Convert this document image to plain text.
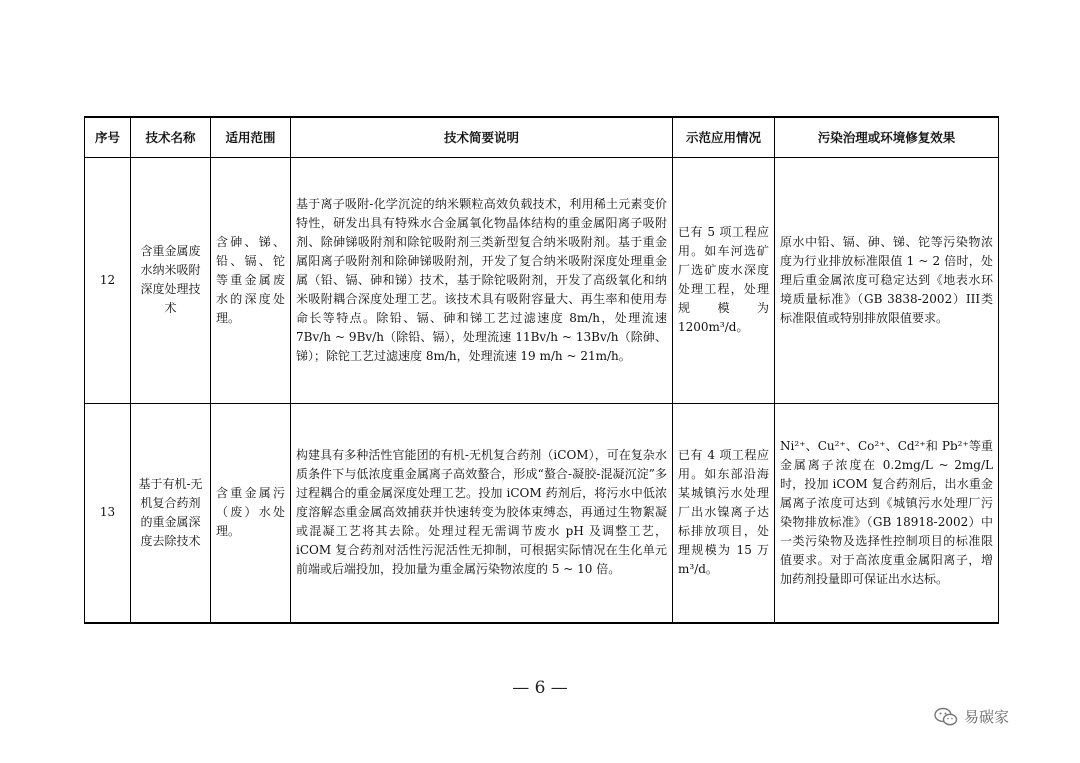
序号	技术名称	适用范围	技术简要说明	示范应用情况	污染治理或环境修复效果
12	含重金属废水纳米吸附深度处理技术	含砷、锑、铅、镉、铊等重金属废水的深度处理。	基于离子吸附-化学沉淀的纳米颗粒高效负载技术，利用稀土元素变价特性，研发出具有特殊水合金属氧化物晶体结构的重金属阳离子吸附剂、除砷锑吸附剂和除铊吸附剂三类新型复合纳米吸附剂。基于重金属阳离子吸附剂和除砷锑吸附剂，开发了复合纳米吸附深度处理重金属（铅、镉、砷和锑）技术，基于除铊吸附剂，开发了高级氧化和纳米吸附耦合深度处理工艺。该技术具有吸附容量大、再生率和使用寿命长等特点。除铅、镉、砷和锑工艺过滤速度 8m/h，处理流速 7Bv/h ~ 9Bv/h（除铅、镉），处理流速 11Bv/h ~ 13Bv/h（除砷、锑）；除铊工艺过滤速度 8m/h，处理流速 19 m/h ~ 21m/h。	已有 5 项工程应用。如车河选矿厂选矿废水深度处理工程，处理规模为 1200m³/d。	原水中铅、镉、砷、锑、铊等污染物浓度为行业排放标准限值 1 ~ 2 倍时，处理后重金属浓度可稳定达到《地表水环境质量标准》（GB 3838-2002）III类标准限值或特别排放限值要求。
13	基于有机-无机复合药剂的重金属深度去除技术	含重金属污（废）水处理。	构建具有多种活性官能团的有机-无机复合药剂（iCOM），可在复杂水质条件下与低浓度重金属离子高效螯合，形成“螯合-凝胶-混凝沉淀”多过程耦合的重金属深度处理工艺。投加 iCOM 药剂后，将污水中低浓度溶解态重金属高效捕获并快速转变为胶体束缚态，再通过生物絮凝或混凝工艺将其去除。处理过程无需调节废水 pH 及调整工艺，iCOM 复合药剂对活性污泥活性无抑制，可根据实际情况在生化单元前端或后端投加，投加量为重金属污染物浓度的 5 ~ 10 倍。	已有 4 项工程应用。如东部沿海某城镇污水处理厂出水镍离子达标排放项目，处理规模为 15 万 m³/d。	Ni²⁺、Cu²⁺、Co²⁺、Cd²⁺和 Pb²⁺等重金属离子浓度在 0.2mg/L ~ 2mg/L 时，投加 iCOM 复合药剂后，出水重金属离子浓度可达到《城镇污水处理厂污染物排放标准》（GB 18918-2002）中一类污染物及选择性控制项目的标准限值要求。对于高浓度重金属阳离子，增加药剂投量即可保证出水达标。
— 6 —
易碳家
